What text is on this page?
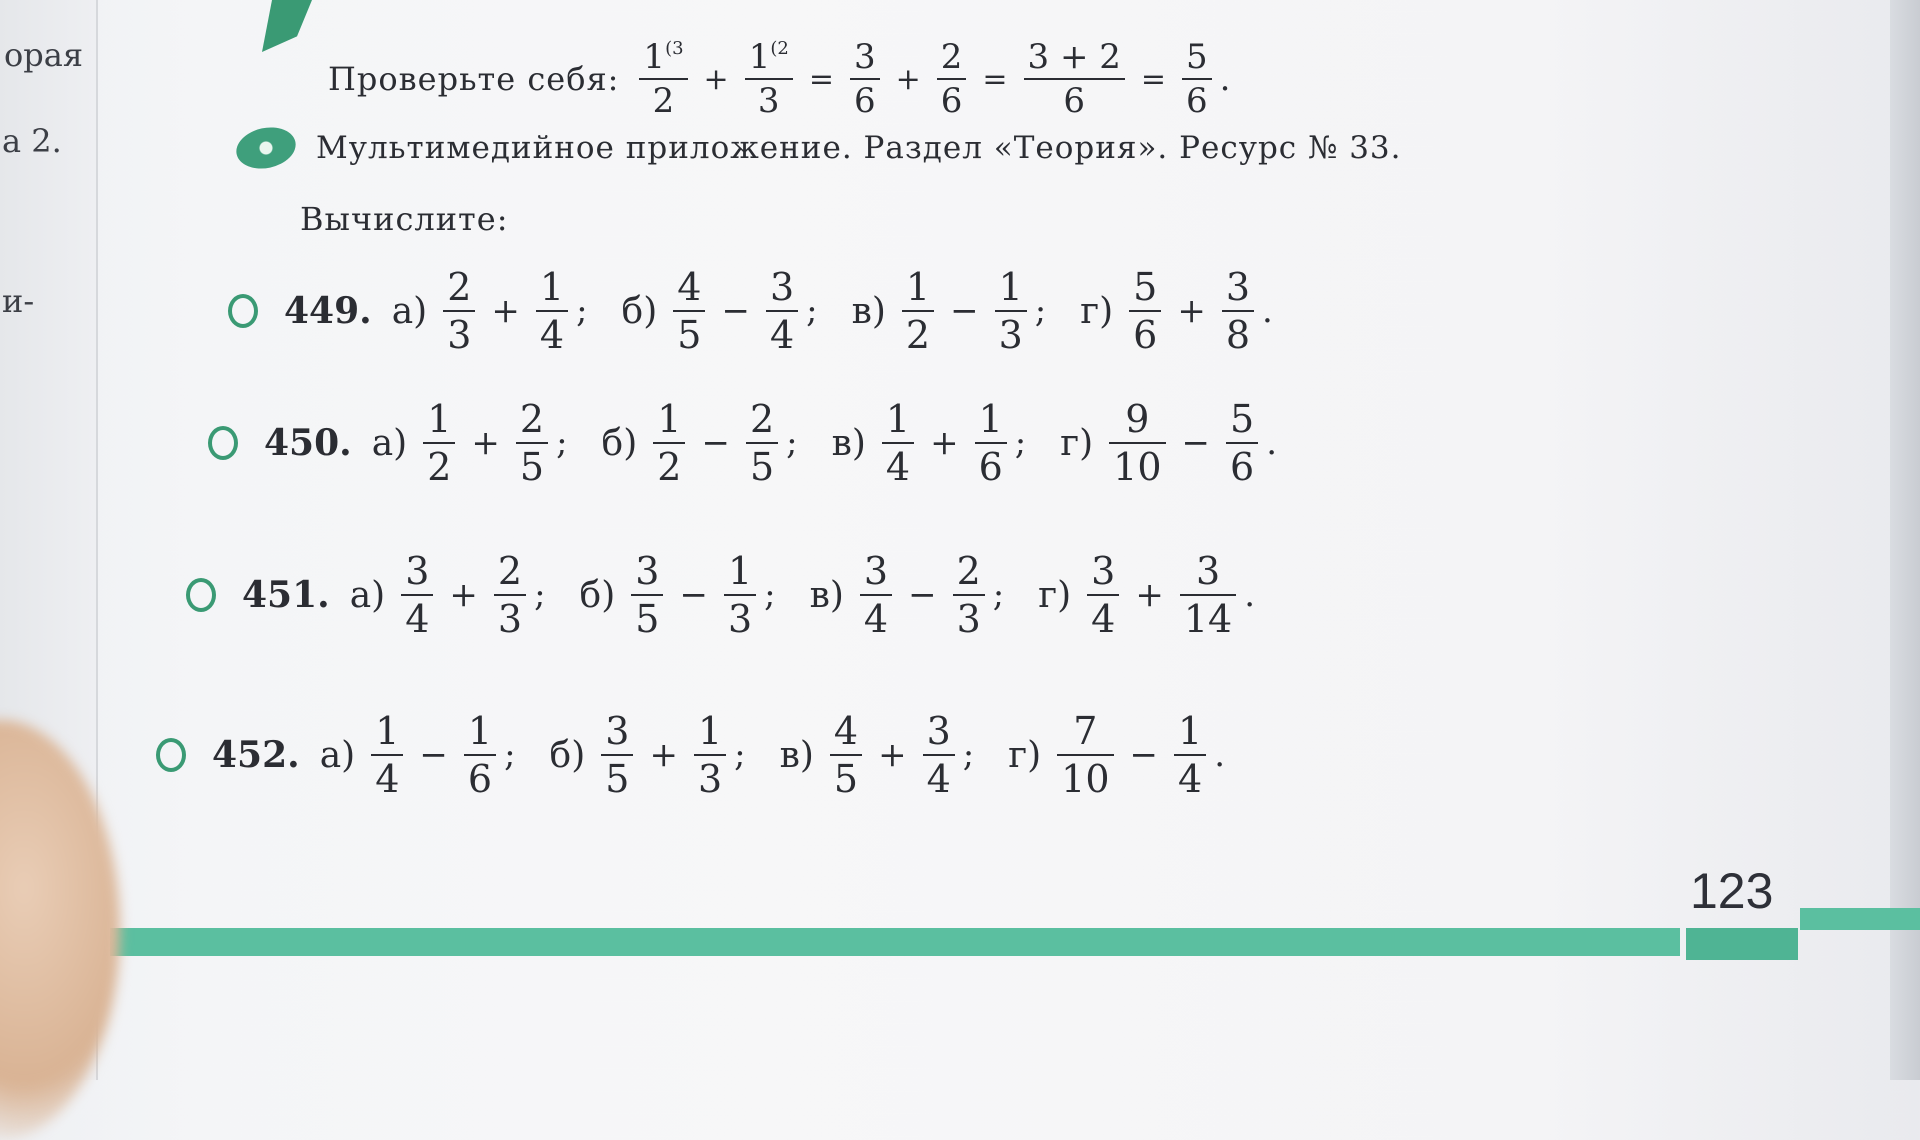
орая
а 2.
и-
Проверьте себя: $\frac{1^{(3}}{2} + \frac{1^{(2}}{3} = \frac{3}{6} + \frac{2}{6} = \frac{3 + 2}{6} = \frac{5}{6}$ .
Мультимедийное приложение. Раздел «Теория». Ресурс № 33.
Вычислите:
449. $а) \frac{2}{3} + \frac{1}{4}$ ; $б) \frac{4}{5} - \frac{3}{4}$ ; $в) \frac{1}{2} - \frac{1}{3}$ ; $г) \frac{5}{6} + \frac{3}{8}$ .
450. $а) \frac{1}{2} + \frac{2}{5}$ ; $б) \frac{1}{2} - \frac{2}{5}$ ; $в) \frac{1}{4} + \frac{1}{6}$ ; $г) \frac{9}{10} - \frac{5}{6}$ .
451. $а) \frac{3}{4} + \frac{2}{3}$ ; $б) \frac{3}{5} - \frac{1}{3}$ ; $в) \frac{3}{4} - \frac{2}{3}$ ; $г) \frac{3}{4} + \frac{3}{14}$ .
452. $а) \frac{1}{4} - \frac{1}{6}$ ; $б) \frac{3}{5} + \frac{1}{3}$ ; $в) \frac{4}{5} + \frac{3}{4}$ ; $г) \frac{7}{10} - \frac{1}{4}$ .
123
